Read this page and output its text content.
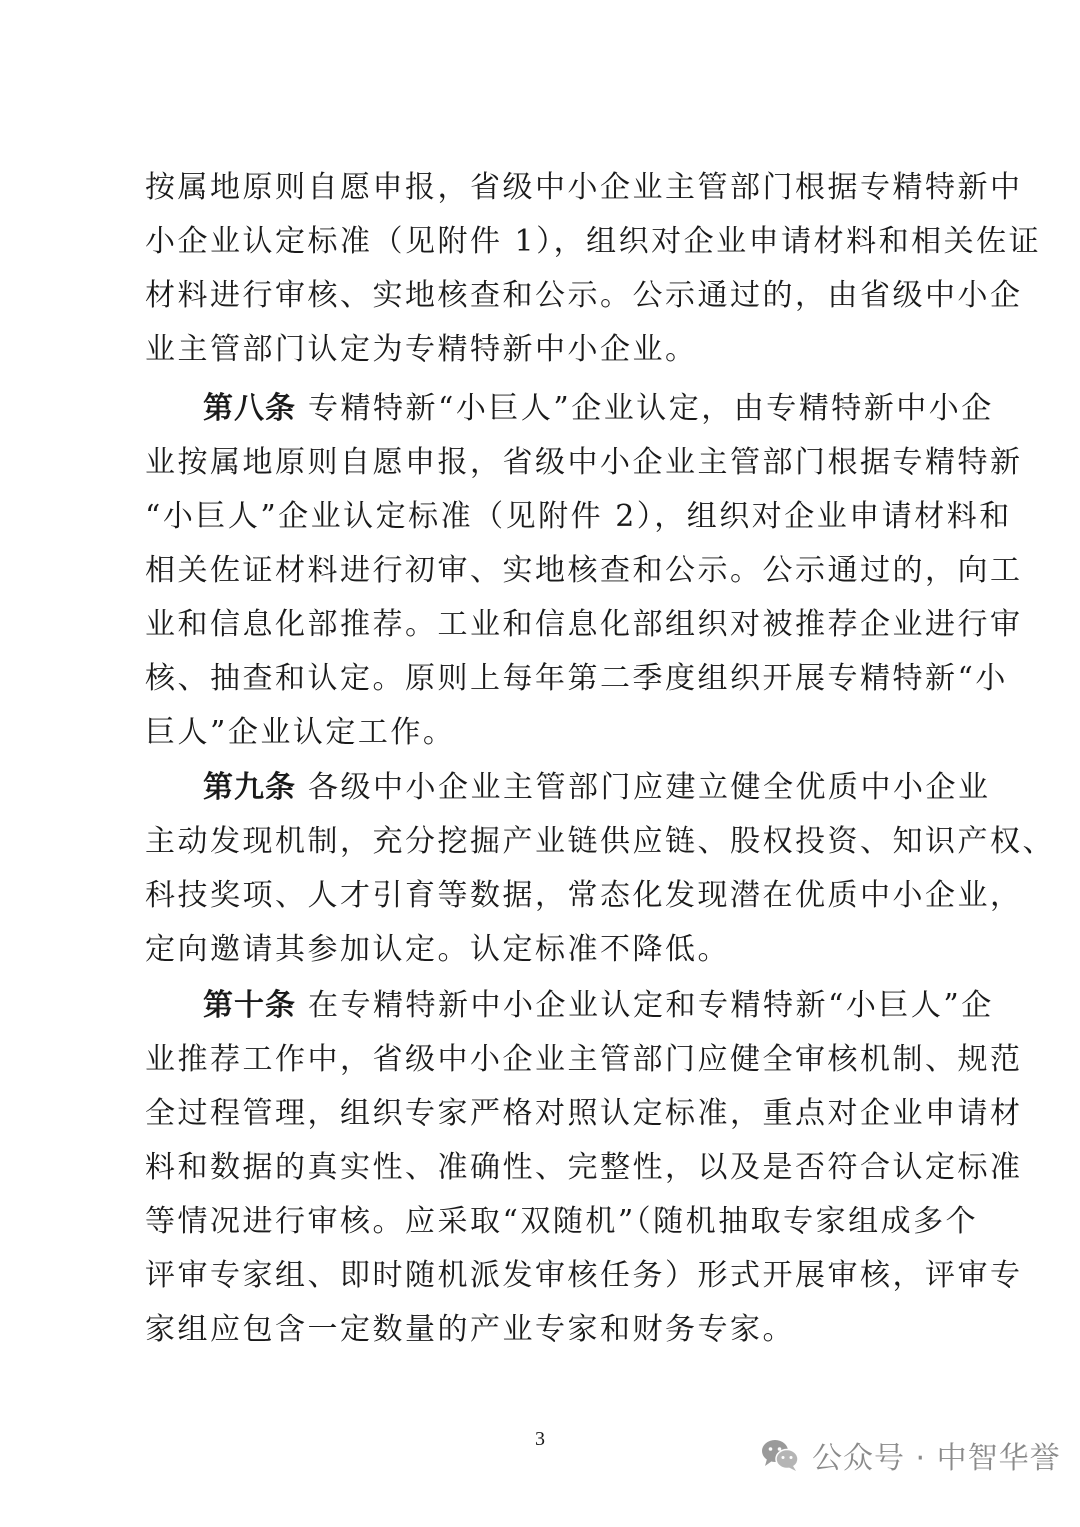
按属地原则自愿申报，省级中小企业主管部门根据专精特新中
小企业认定标准（见附件 1），组织对企业申请材料和相关佐证
材料进行审核、实地核查和公示。公示通过的，由省级中小企
业主管部门认定为专精特新中小企业。
第八条 专精特新“小巨人”企业认定，由专精特新中小企
业按属地原则自愿申报，省级中小企业主管部门根据专精特新
“小巨人”企业认定标准（见附件 2），组织对企业申请材料和
相关佐证材料进行初审、实地核查和公示。公示通过的，向工
业和信息化部推荐。工业和信息化部组织对被推荐企业进行审
核、抽查和认定。原则上每年第二季度组织开展专精特新“小
巨人”企业认定工作。
第九条 各级中小企业主管部门应建立健全优质中小企业
主动发现机制，充分挖掘产业链供应链、股权投资、知识产权、
科技奖项、人才引育等数据，常态化发现潜在优质中小企业，
定向邀请其参加认定。认定标准不降低。
第十条 在专精特新中小企业认定和专精特新“小巨人”企
业推荐工作中，省级中小企业主管部门应健全审核机制、规范
全过程管理，组织专家严格对照认定标准，重点对企业申请材
料和数据的真实性、准确性、完整性，以及是否符合认定标准
等情况进行审核。应采取“双随机”（随机抽取专家组成多个
评审专家组、即时随机派发审核任务）形式开展审核，评审专
家组应包含一定数量的产业专家和财务专家。
3
公众号 · 中智华誉
